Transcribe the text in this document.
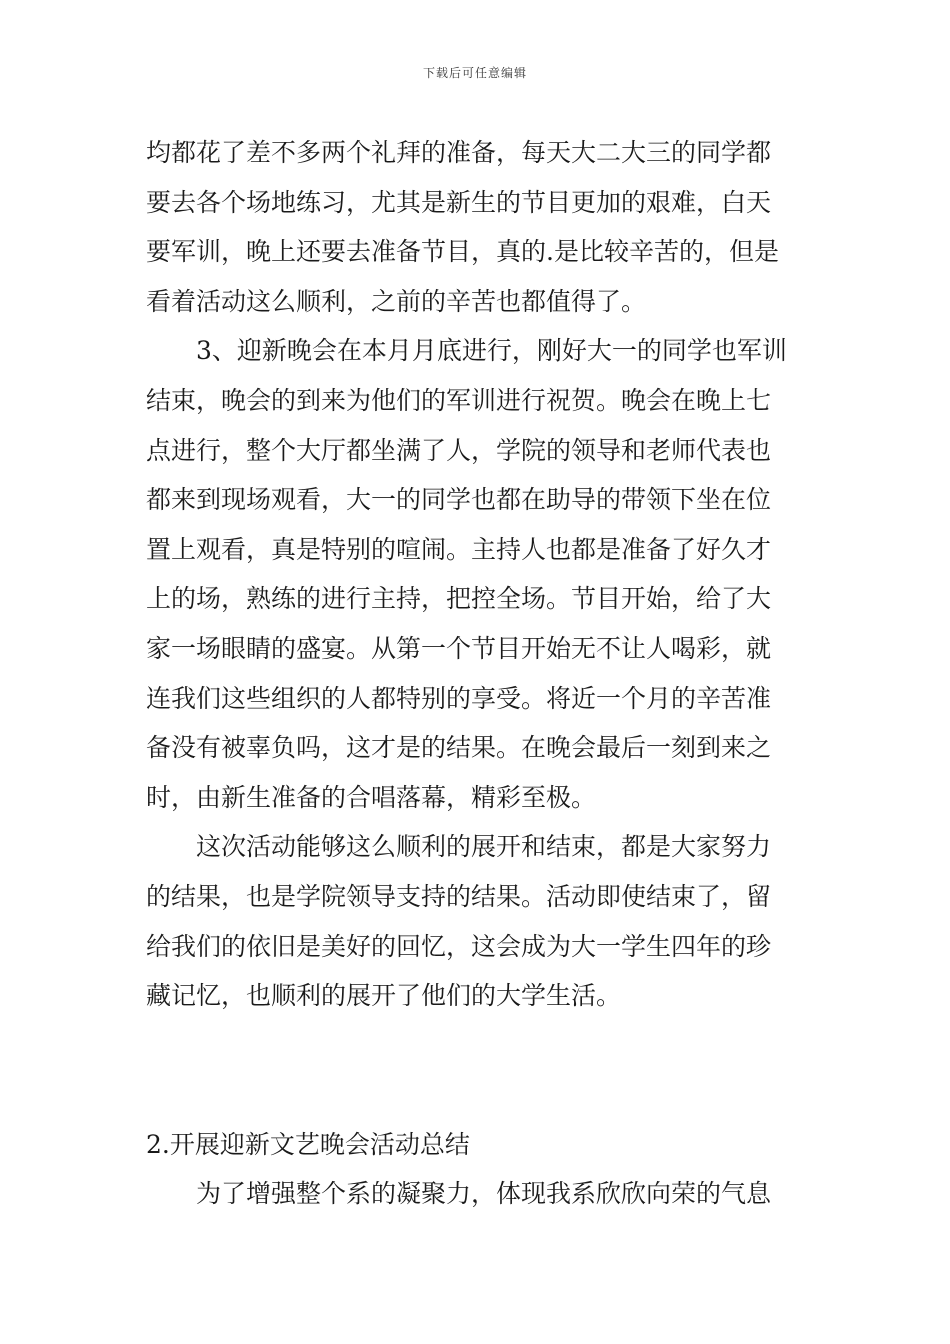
下载后可任意编辑
均都花了差不多两个礼拜的准备，每天大二大三的同学都
要去各个场地练习，尤其是新生的节目更加的艰难，白天
要军训，晚上还要去准备节目，真的.是比较辛苦的，但是
看着活动这么顺利，之前的辛苦也都值得了。
3、迎新晚会在本月月底进行，刚好大一的同学也军训
结束，晚会的到来为他们的军训进行祝贺。晚会在晚上七
点进行，整个大厅都坐满了人，学院的领导和老师代表也
都来到现场观看，大一的同学也都在助导的带领下坐在位
置上观看，真是特别的喧闹。主持人也都是准备了好久才
上的场，熟练的进行主持，把控全场。节目开始，给了大
家一场眼睛的盛宴。从第一个节目开始无不让人喝彩，就
连我们这些组织的人都特别的享受。将近一个月的辛苦准
备没有被辜负吗，这才是的结果。在晚会最后一刻到来之
时，由新生准备的合唱落幕，精彩至极。
这次活动能够这么顺利的展开和结束，都是大家努力
的结果，也是学院领导支持的结果。活动即使结束了，留
给我们的依旧是美好的回忆，这会成为大一学生四年的珍
藏记忆，也顺利的展开了他们的大学生活。
2.开展迎新文艺晚会活动总结
为了增强整个系的凝聚力，体现我系欣欣向荣的气息
